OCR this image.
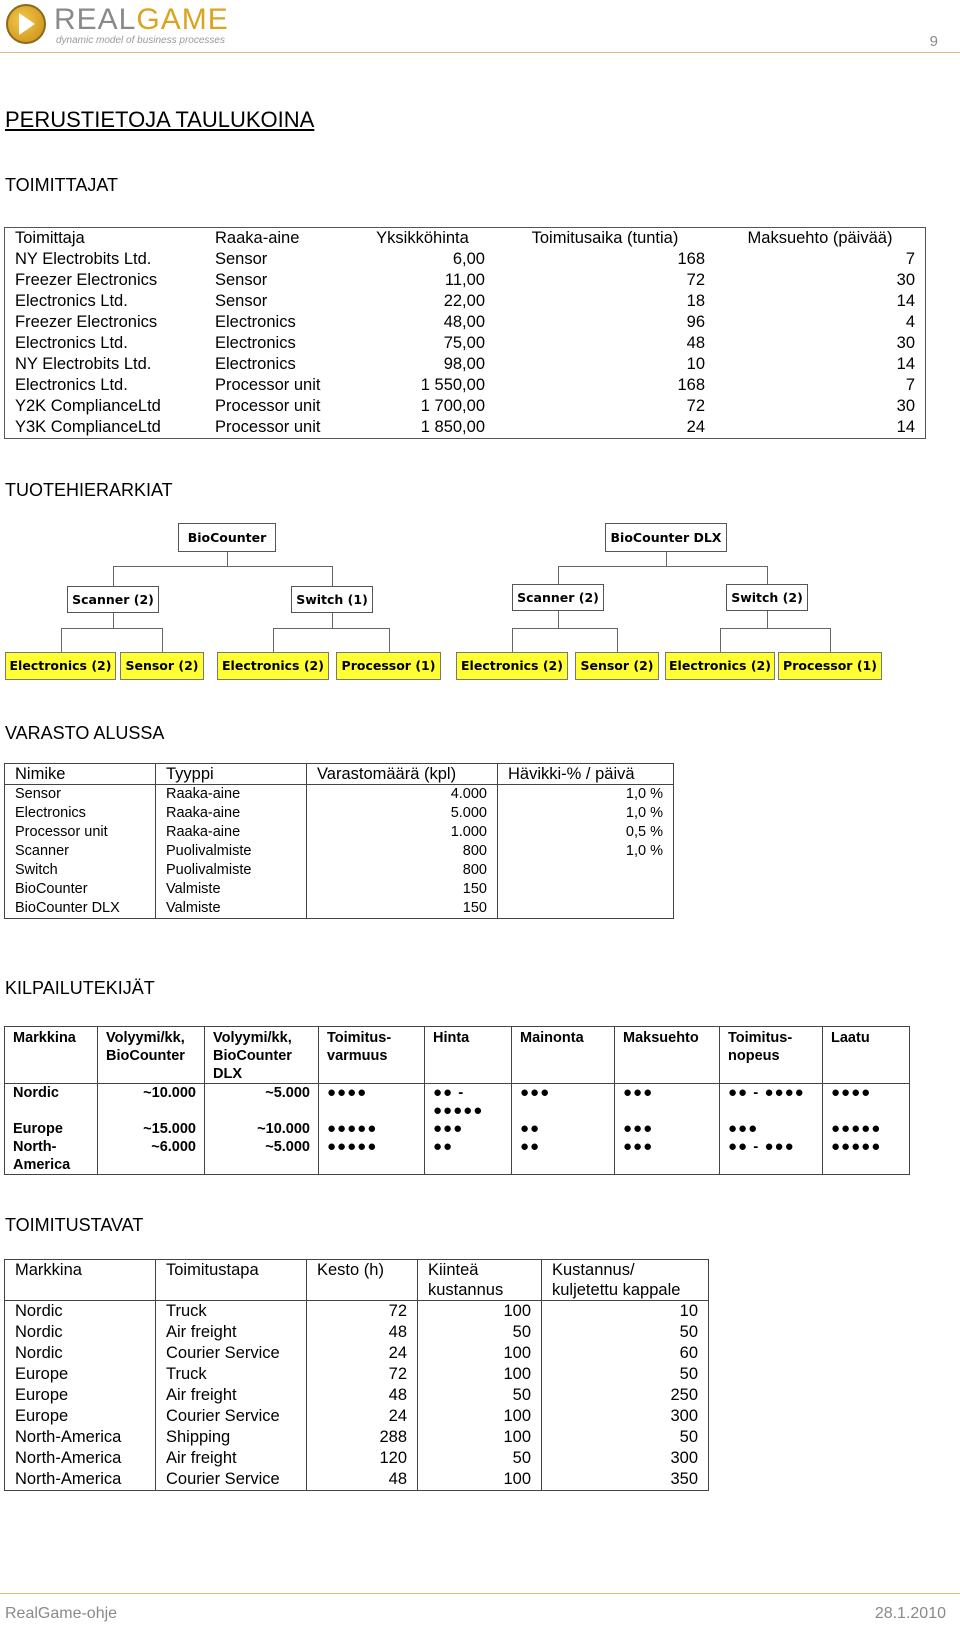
REALGAME
dynamic model of business processes	9
PERUSTIETOJA TAULUKOINA
TOIMITTAJAT
Toimittaja	Raaka-aine	Yksikköhinta	Toimitusaika (tuntia)	Maksuehto (päivää)
NY Electrobits Ltd.	Sensor	6,00	168	7
Freezer Electronics	Sensor	11,00	72	30
Electronics Ltd.	Sensor	22,00	18	14
Freezer Electronics	Electronics	48,00	96	4
Electronics Ltd.	Electronics	75,00	48	30
NY Electrobits Ltd.	Electronics	98,00	10	14
Electronics Ltd.	Processor unit	1 550,00	168	7
Y2K ComplianceLtd	Processor unit	1 700,00	72	30
Y3K ComplianceLtd	Processor unit	1 850,00	24	14
TUOTEHIERARKIAT
Electronics (2)	Sensor (2)
Scanner (2)
Electronics (2)	Processor (1)
Switch (1)
BioCounter
Electronics (2)	Sensor (2)
Scanner (2)
Electronics (2) Processor (1)
Switch (2)
BioCounter DLX
VARASTO ALUSSA
Nimike	Tyyppi	Varastomäärä (kpl)	Hävikki-% / päivä
Sensor	Raaka-aine	4.000	1,0 %
Electronics	Raaka-aine	5.000	1,0 %
Processor unit	Raaka-aine	1.000	0,5 %
Scanner	Puolivalmiste	800	1,0 %
Switch	Puolivalmiste	800	
BioCounter	Valmiste	150	
BioCounter DLX	Valmiste	150	
KILPAILUTEKIJÄT
Markkina	Volyymi/kk, BioCounter	Volyymi/kk, BioCounter DLX	Toimitus-varmuus	Hinta	Mainonta	Maksuehto	Toimitus-nopeus	Laatu
Nordic	~10.000	~5.000	●●●●	●● - ●●●●●	●●●	●●●	●● - ●●●●	●●●●
Europe	~15.000	~10.000	●●●●●	●●●	●●	●●●	●●●	●●●●●
North-America	~6.000	~5.000	●●●●●	●●	●●	●●●	●● - ●●●	●●●●●
TOIMITUSTAVAT
Markkina	Toimitustapa	Kesto (h)	Kiinteä kustannus	Kustannus/ kuljetettu kappale
Nordic	Truck	72	100	10
Nordic	Air freight	48	50	50
Nordic	Courier Service	24	100	60
Europe	Truck	72	100	50
Europe	Air freight	48	50	250
Europe	Courier Service	24	100	300
North-America	Shipping	288	100	50
North-America	Air freight	120	50	300
North-America	Courier Service	48	100	350
RealGame-ohje	28.1.2010
